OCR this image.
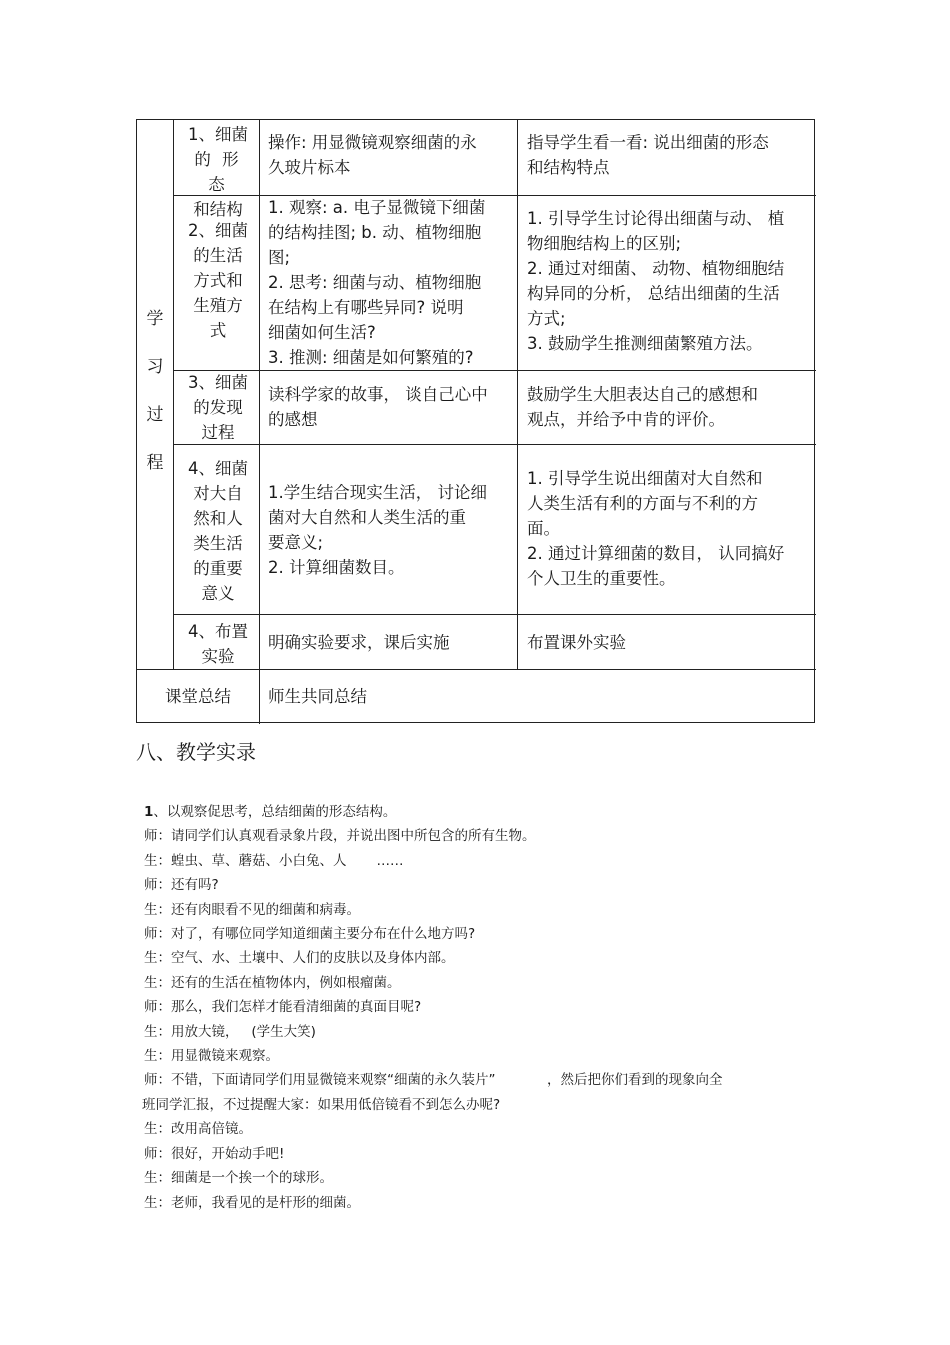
学
习
过
程
1、细菌
的 形 态
和结构
操作: 用显微镜观察细菌的永
久玻片标本
指导学生看一看: 说出细菌的形态
和结构特点
2、细菌
的生活
方式和
生殖方
式
1. 观察: a. 电子显微镜下细菌
的结构挂图; b. 动、植物细胞
图;
2. 思考: 细菌与动、植物细胞
在结构上有哪些异同? 说明
细菌如何生活?
3. 推测: 细菌是如何繁殖的?
1. 引导学生讨论得出细菌与动、 植
物细胞结构上的区别;
2. 通过对细菌、 动物、植物细胞结
构异同的分析， 总结出细菌的生活
方式;
3. 鼓励学生推测细菌繁殖方法。
3、细菌
的发现
过程
读科学家的故事， 谈自己心中
的感想
鼓励学生大胆表达自己的感想和
观点，并给予中肯的评价。
4、细菌
对大自
然和人
类生活
的重要
意义
1.学生结合现实生活， 讨论细
菌对大自然和人类生活的重
要意义;
2. 计算细菌数目。
1. 引导学生说出细菌对大自然和
人类生活有利的方面与不利的方
面。
2. 通过计算细菌的数目， 认同搞好
个人卫生的重要性。
4、布置
实验
明确实验要求，课后实施	布置课外实验
课堂总结	师生共同总结
八、教学实录
1、以观察促思考，总结细菌的形态结构。
师：请同学们认真观看录象片段，并说出图中所包含的所有生物。
生：蝗虫、草、蘑菇、小白兔、人       ……
师：还有吗?
生：还有肉眼看不见的细菌和病毒。
师：对了，有哪位同学知道细菌主要分布在什么地方吗?
生：空气、水、土壤中、人们的皮肤以及身体内部。
生：还有的生活在植物体内，例如根瘤菌。
师：那么，我们怎样才能看清细菌的真面目呢?
生：用放大镜，   (学生大笑)
生：用显微镜来观察。
师：不错，下面请同学们用显微镜来观察“细菌的永久装片”            ，然后把你们看到的现象向全
班同学汇报，不过提醒大家：如果用低倍镜看不到怎么办呢?
生：改用高倍镜。
师：很好，开始动手吧!
生：细菌是一个挨一个的球形。
生：老师，我看见的是杆形的细菌。
